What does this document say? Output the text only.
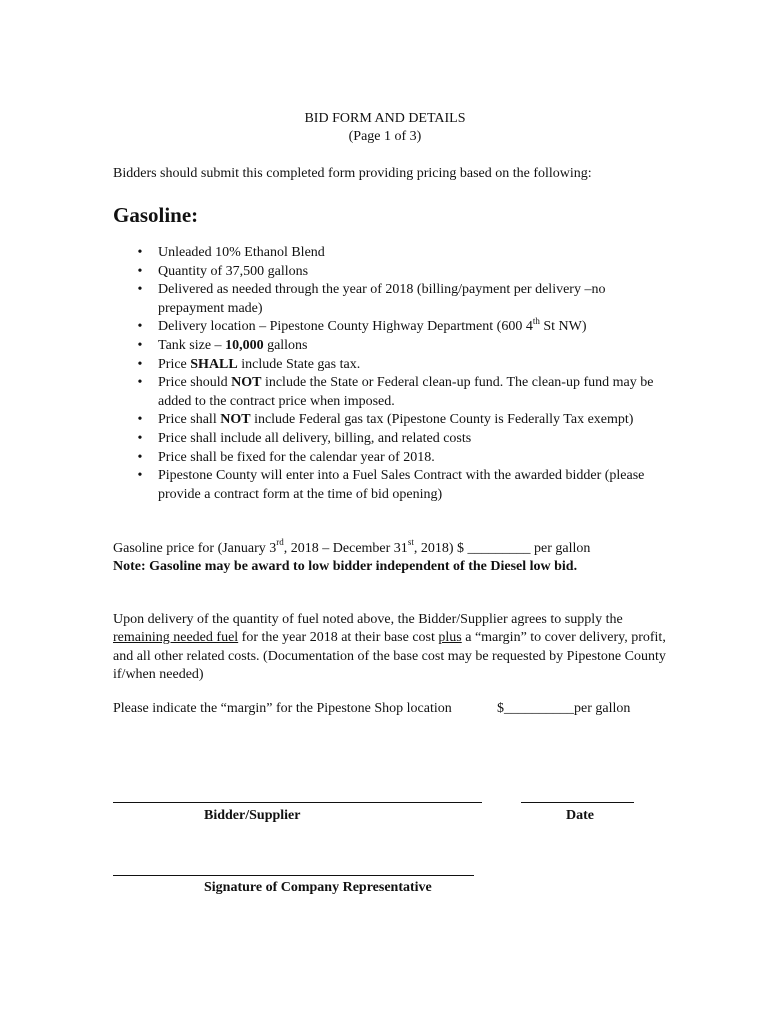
BID FORM AND DETAILS
(Page 1 of 3)
Bidders should submit this completed form providing pricing based on the following:
Gasoline:
• Unleaded 10% Ethanol Blend
• Quantity of 37,500 gallons
• Delivered as needed through the year of 2018 (billing/payment per delivery –no prepayment made)
• Delivery location – Pipestone County Highway Department (600 4th St NW)
• Tank size – 10,000 gallons
• Price SHALL include State gas tax.
• Price should NOT include the State or Federal clean-up fund. The clean-up fund may be added to the contract price when imposed.
• Price shall NOT include Federal gas tax (Pipestone County is Federally Tax exempt)
• Price shall include all delivery, billing, and related costs
• Price shall be fixed for the calendar year of 2018.
• Pipestone County will enter into a Fuel Sales Contract with the awarded bidder (please provide a contract form at the time of bid opening)
Gasoline price for (January 3rd, 2018 – December 31st, 2018) $ _________ per gallon
Note: Gasoline may be award to low bidder independent of the Diesel low bid.
Upon delivery of the quantity of fuel noted above, the Bidder/Supplier agrees to supply the remaining needed fuel for the year 2018 at their base cost plus a “margin” to cover delivery, profit, and all other related costs. (Documentation of the base cost may be requested by Pipestone County if/when needed)
Please indicate the “margin” for the Pipestone Shop location	$__________per gallon
Bidder/Supplier	Date
Signature of Company Representative
